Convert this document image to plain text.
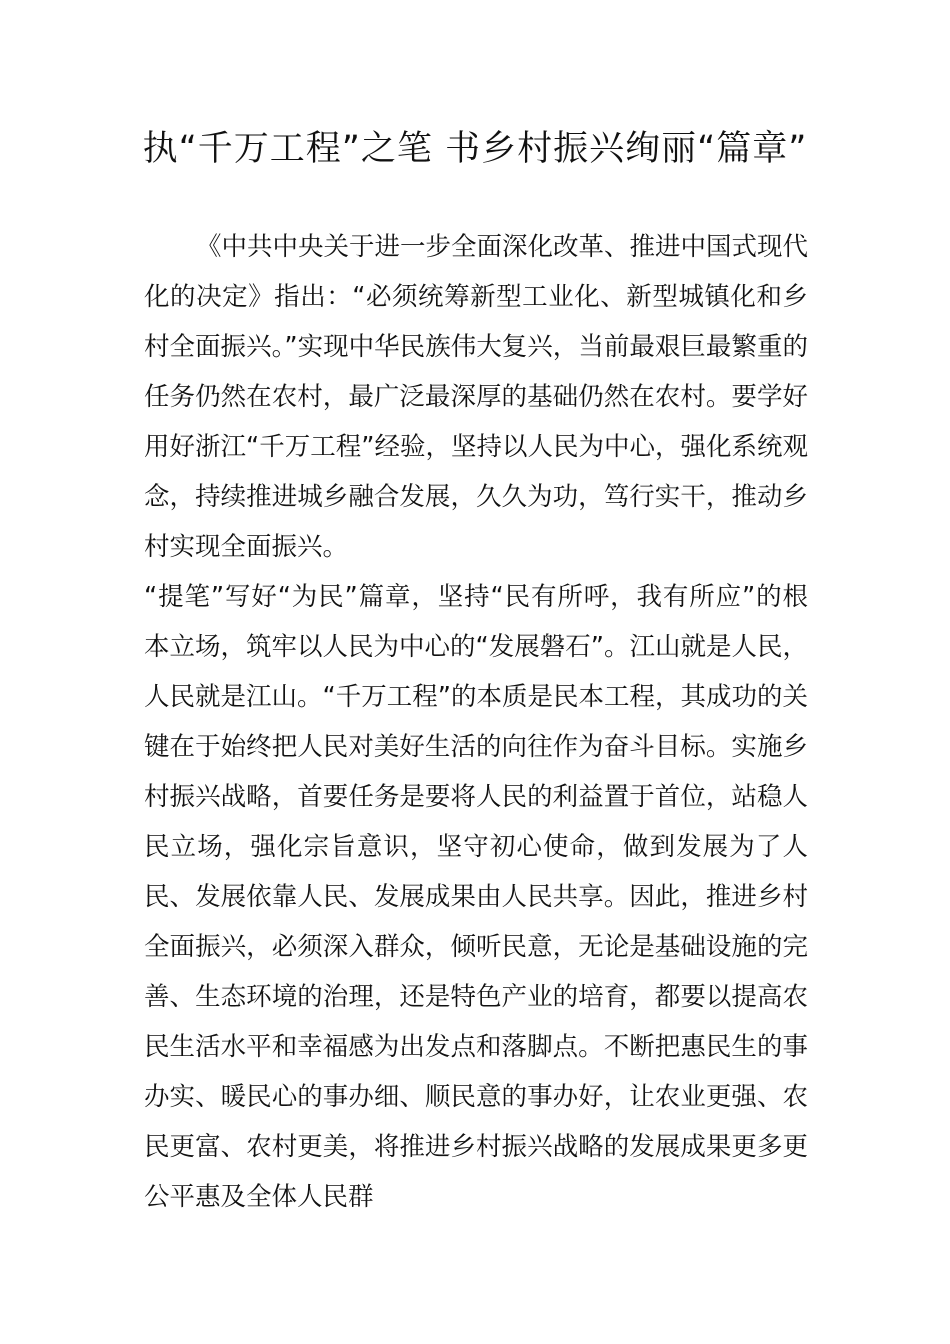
执“千万工程”之笔 书乡村振兴绚丽“篇章”

《中共中央关于进一步全面深化改革、推进中国式现代化的决定》指出：“必须统筹新型工业化、新型城镇化和乡村全面振兴。”实现中华民族伟大复兴，当前最艰巨最繁重的任务仍然在农村，最广泛最深厚的基础仍然在农村。要学好用好浙江“千万工程”经验，坚持以人民为中心，强化系统观念，持续推进城乡融合发展，久久为功，笃行实干，推动乡村实现全面振兴。

“提笔”写好“为民”篇章，坚持“民有所呼，我有所应”的根本立场，筑牢以人民为中心的“发展磐石”。江山就是人民，人民就是江山。“千万工程”的本质是民本工程，其成功的关键在于始终把人民对美好生活的向往作为奋斗目标。实施乡村振兴战略，首要任务是要将人民的利益置于首位，站稳人民立场，强化宗旨意识，坚守初心使命，做到发展为了人民、发展依靠人民、发展成果由人民共享。因此，推进乡村全面振兴，必须深入群众，倾听民意，无论是基础设施的完善、生态环境的治理，还是特色产业的培育，都要以提高农民生活水平和幸福感为出发点和落脚点。不断把惠民生的事办实、暖民心的事办细、顺民意的事办好，让农业更强、农民更富、农村更美，将推进乡村振兴战略的发展成果更多更公平惠及全体人民群
